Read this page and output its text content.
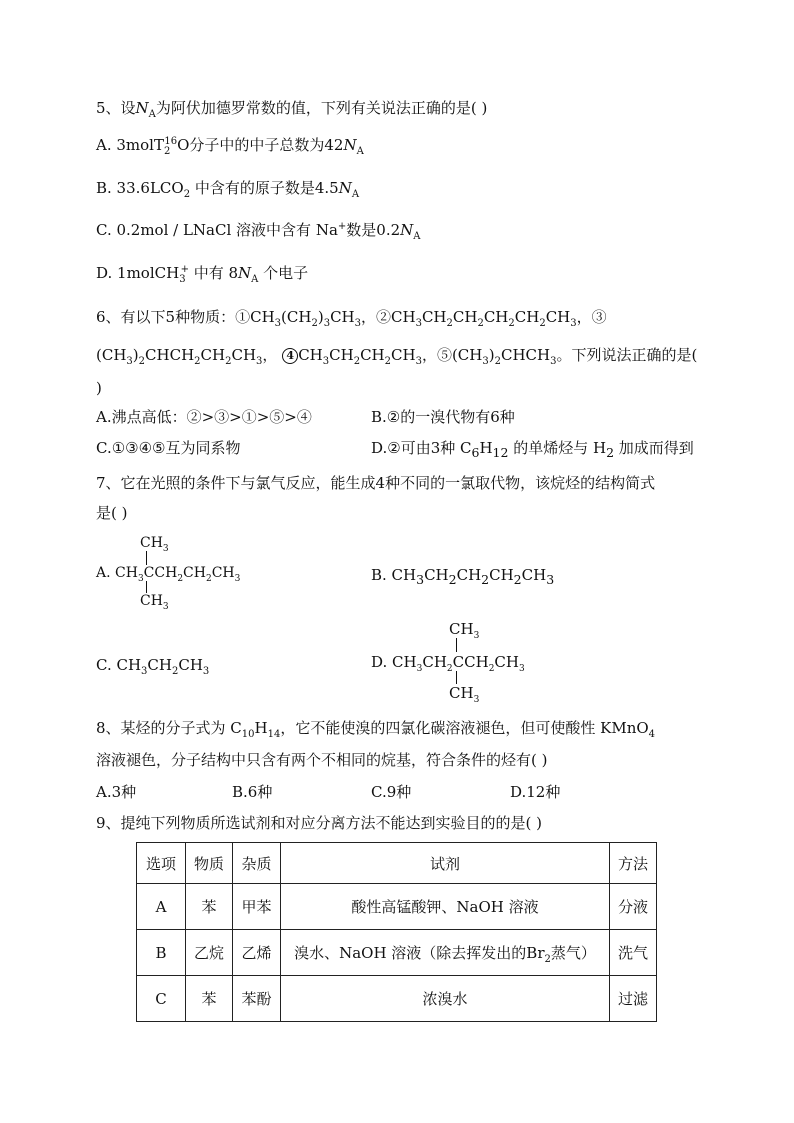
5、设$N_A$为阿伏加德罗常数的值，下列有关说法正确的是( )
A. 3molT$_2^{16}$O分子中的中子总数为$42N_A$
B. $33.6LCO_2$ 中含有的原子数是$4.5N_A$
C. 0.2mol / LNaCl 溶液中含有 Na+数是$0.2N_A$
D. 1molCH$_3$+ 中有 $8N_A$ 个电子
6、有以下5种物质：$①CH_3(CH_2)_3CH_3$，$②CH_3CH_2CH_2CH_2CH_2CH_3$，③
$(CH_3)_2CHCH_2CH_2CH_3$， 4 $CH_3CH_2CH_2CH_3$，$⑤(CH_3)_2CHCH_3$。下列说法正确的是(
)
A.沸点高低：②>③>①>⑤>④	B.②的一溴代物有6种
C.①③④⑤互为同系物	D.②可由3种 $C_6H_{12}$ 的单烯烃与 $H_2$ 加成而得到
7、它在光照的条件下与氯气反应，能生成4种不同的一氯取代物，该烷烃的结构简式
是( )
$CH_3$
A. $CH_3CCH_2CH_2CH_3$
$CH_3$
B. $CH_3CH_2CH_2CH_2CH_3$
C. $CH_3CH_2CH_3$
$CH_3$
D. $CH_3CH_2CCH_2CH_3$
$CH_3$
8、某烃的分子式为 $C_{10}H_{14}$，它不能使溴的四氯化碳溶液褪色，但可使酸性 KMnO$_4$
溶液褪色，分子结构中只含有两个不相同的烷基，符合条件的烃有( )
A.3种	B.6种	C.9种	D.12种
9、提纯下列物质所选试剂和对应分离方法不能达到实验目的的是( )
选项	物质	杂质	试剂	方法
A	苯	甲苯	酸性高锰酸钾、NaOH 溶液	分液
B	乙烷	乙烯	溴水、NaOH 溶液（除去挥发出的$Br_2$蒸气）	洗气
C	苯	苯酚	浓溴水	过滤
